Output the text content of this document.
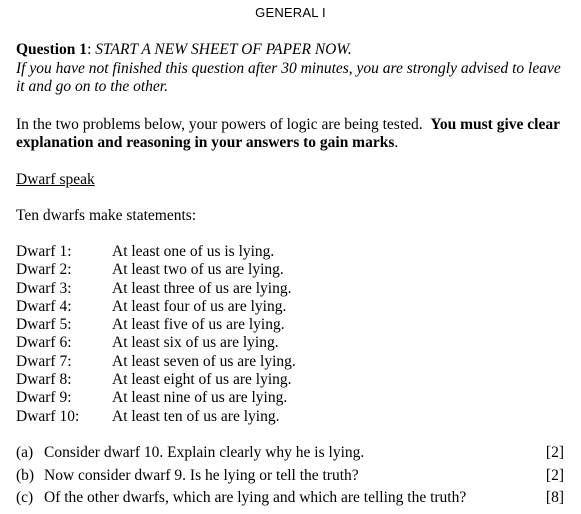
GENERAL I
Question 1: START A NEW SHEET OF PAPER NOW.
If you have not finished this question after 30 minutes, you are strongly advised to leave it and go on to the other.
In the two problems below, your powers of logic are being tested. You must give clear explanation and reasoning in your answers to gain marks.
Dwarf speak
Ten dwarfs make statements:
Dwarf 1:	At least one of us is lying.
Dwarf 2:	At least two of us are lying.
Dwarf 3:	At least three of us are lying.
Dwarf 4:	At least four of us are lying.
Dwarf 5:	At least five of us are lying.
Dwarf 6:	At least six of us are lying.
Dwarf 7:	At least seven of us are lying.
Dwarf 8:	At least eight of us are lying.
Dwarf 9:	At least nine of us are lying.
Dwarf 10:	At least ten of us are lying.
(a) Consider dwarf 10. Explain clearly why he is lying.	[2]
(b) Now consider dwarf 9. Is he lying or tell the truth?	[2]
(c) Of the other dwarfs, which are lying and which are telling the truth?	[8]
